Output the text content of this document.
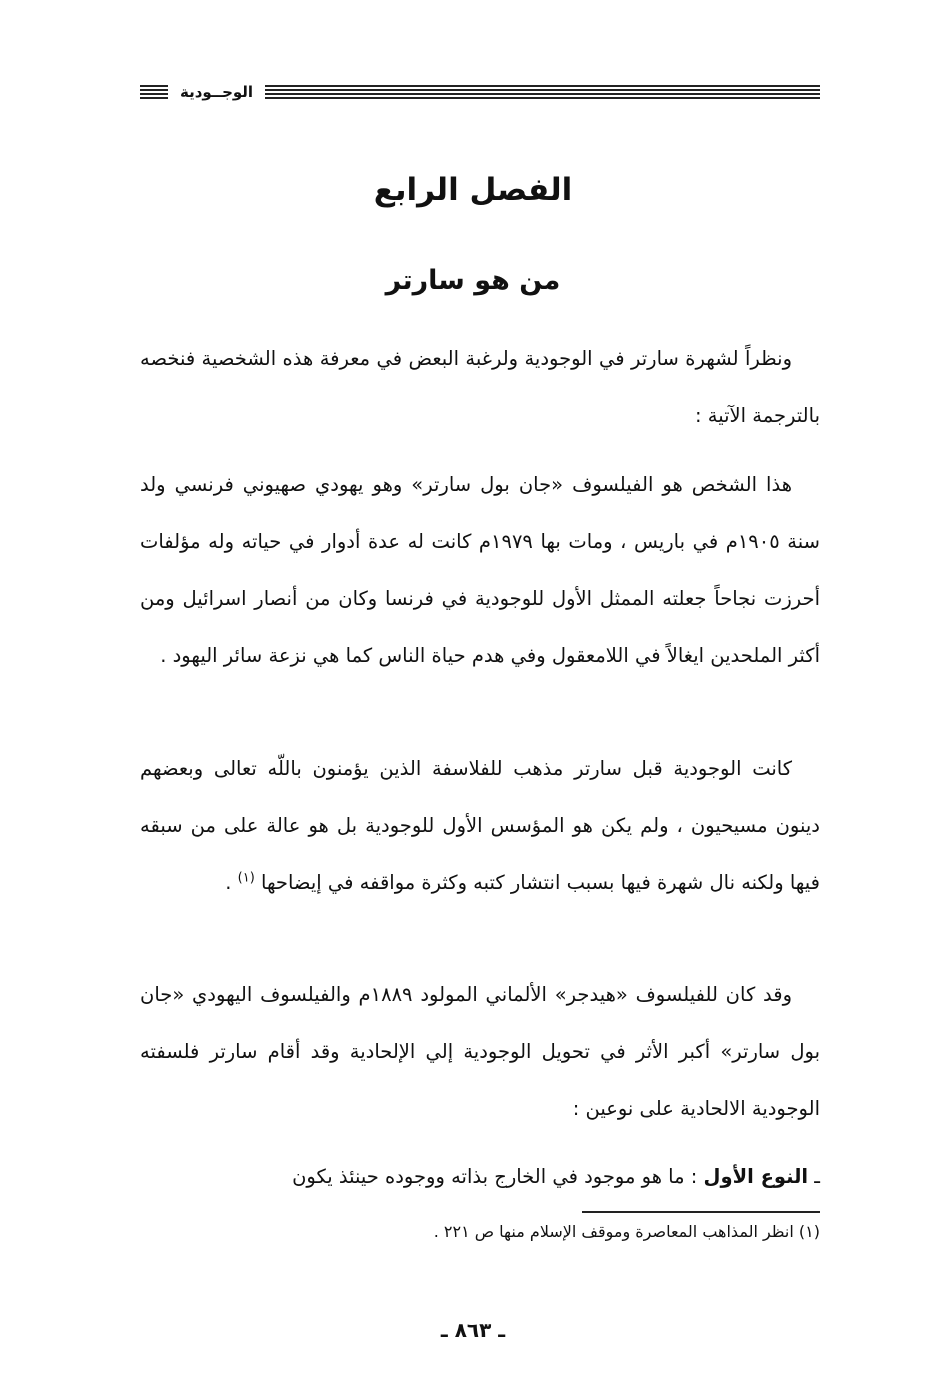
الوجــودية
الفصل الرابع
من هو سارتر

ونظراً لشهرة سارتر في الوجودية ولرغبة البعض في معرفة هذه الشخصية فنخصه بالترجمة الآتية :

هذا الشخص هو الفيلسوف «جان بول سارتر» وهو يهودي صهيوني فرنسي ولد سنة ١٩٠٥م في باريس ، ومات بها ١٩٧٩م كانت له عدة أدوار في حياته وله مؤلفات أحرزت نجاحاً جعلته الممثل الأول للوجودية في فرنسا وكان من أنصار اسرائيل ومن أكثر الملحدين ايغالاً في اللامعقول وفي هدم حياة الناس كما هي نزعة سائر اليهود .

كانت الوجودية قبل سارتر مذهب للفلاسفة الذين يؤمنون باللّه تعالى وبعضهم دينون مسيحيون ، ولم يكن هو المؤسس الأول للوجودية بل هو عالة على من سبقه فيها ولكنه نال شهرة فيها بسبب انتشار كتبه وكثرة مواقفه في إيضاحها $^{(١)}$ .

وقد كان للفيلسوف «هيدجر» الألماني المولود ١٨٨٩م والفيلسوف اليهودي «جان بول سارتر» أكبر الأثر في تحويل الوجودية إلي الإلحادية وقد أقام سارتر فلسفته الوجودية الالحادية على نوعين :

ـ النوع الأول : ما هو موجود في الخارج بذاته ووجوده حينئذ يكون

(١) انظر المذاهب المعاصرة وموقف الإسلام منها ص ٢٢١ .
ـ ٨٦٣ ـ
